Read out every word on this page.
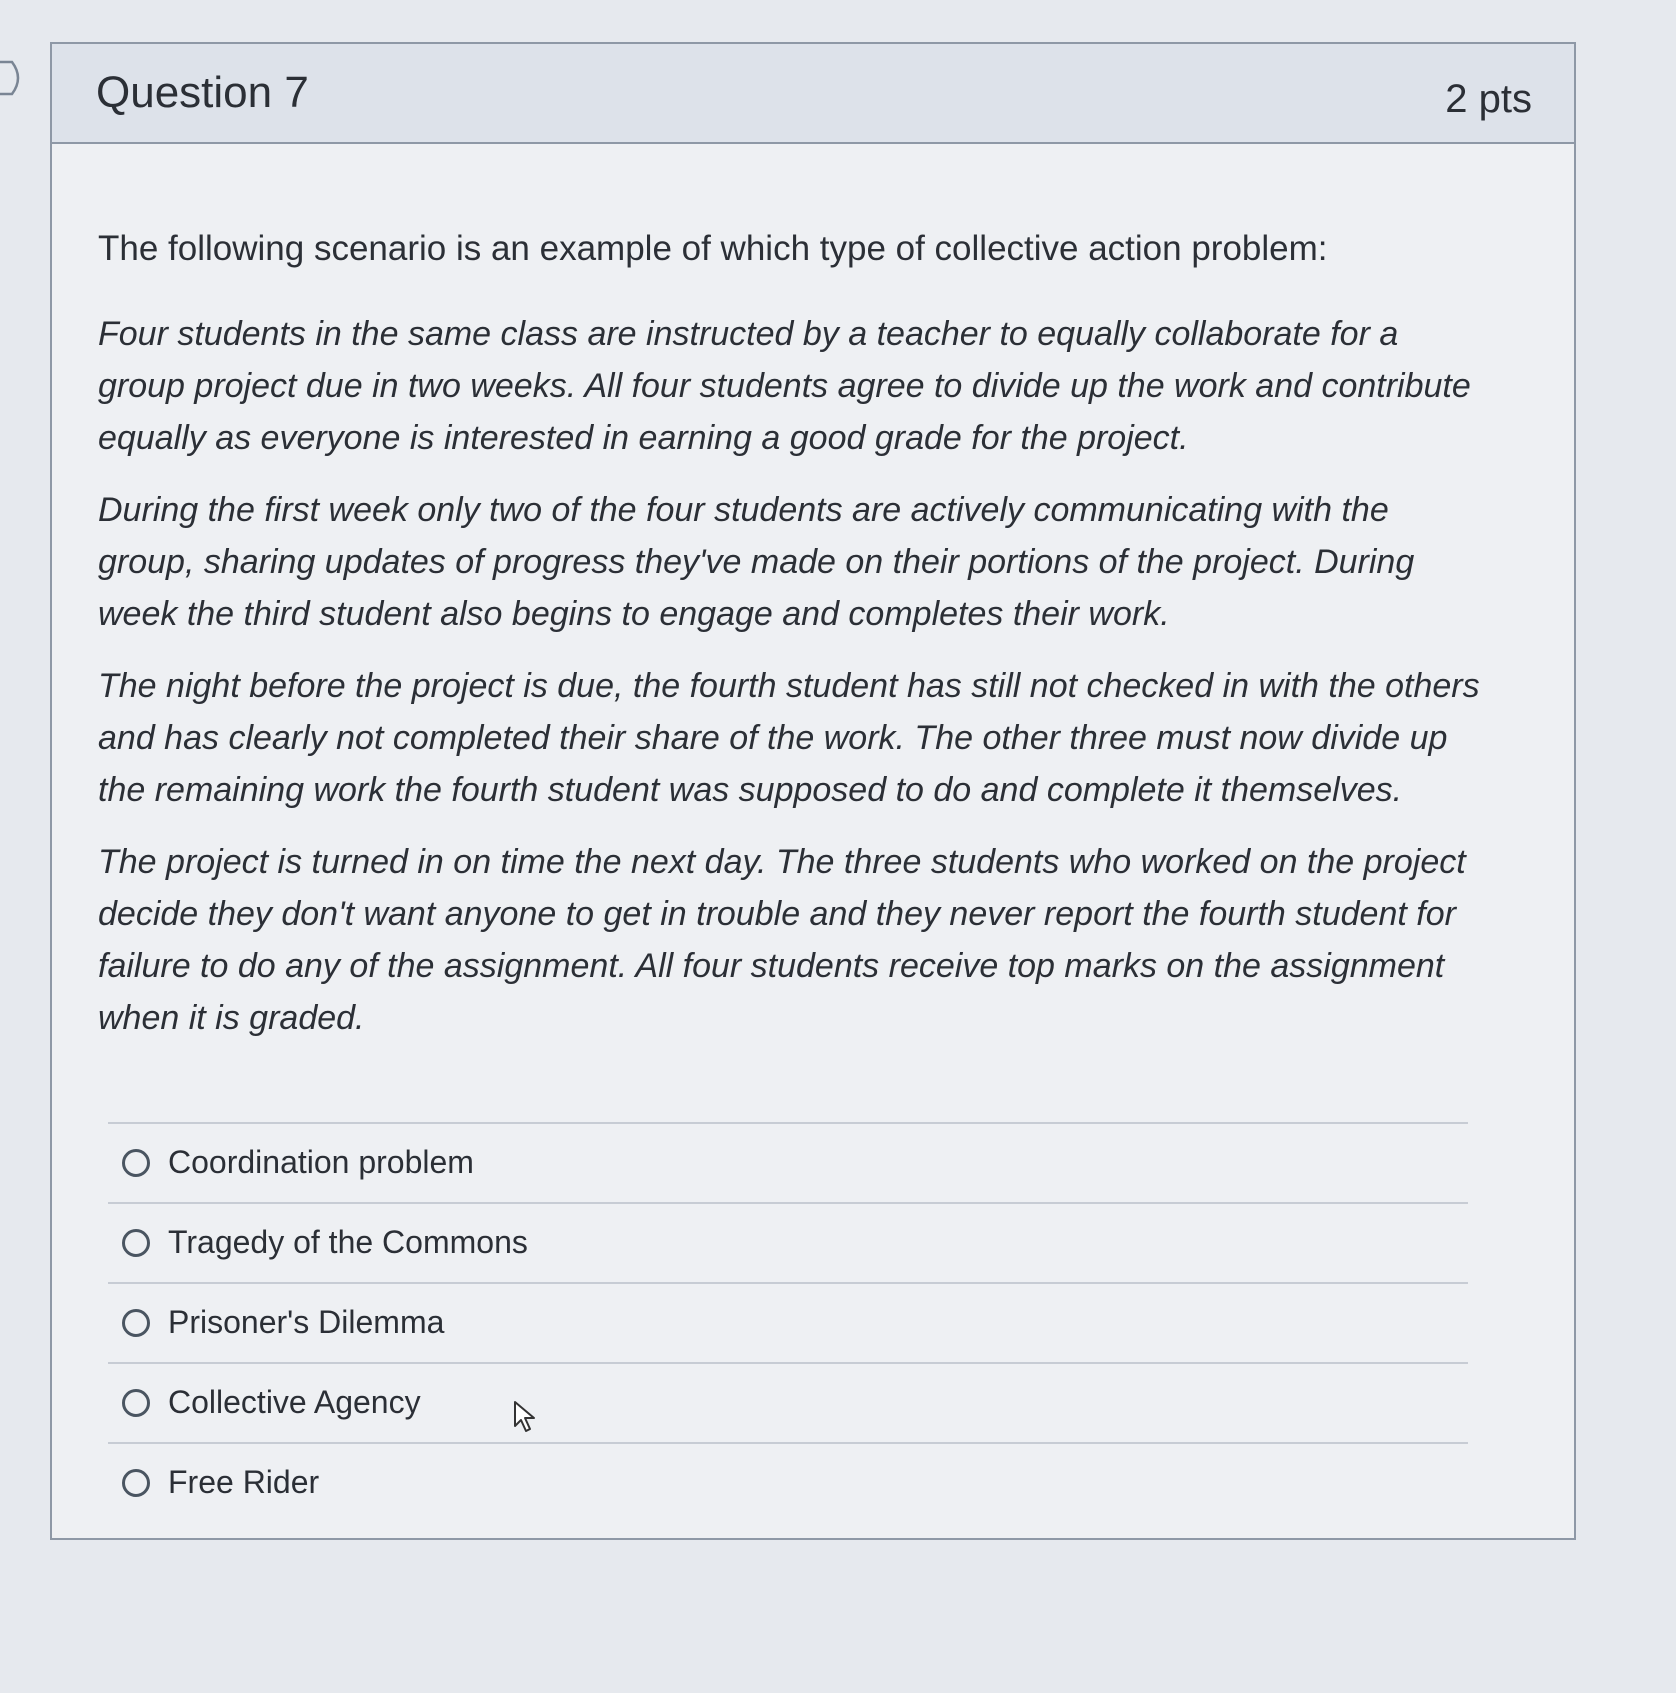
Question 7	2 pts
The following scenario is an example of which type of collective action problem:

Four students in the same class are instructed by a teacher to equally collaborate for a group project due in two weeks. All four students agree to divide up the work and contribute equally as everyone is interested in earning a good grade for the project.

During the first week only two of the four students are actively communicating with the group, sharing updates of progress they've made on their portions of the project. During week the third student also begins to engage and completes their work.

The night before the project is due, the fourth student has still not checked in with the others and has clearly not completed their share of the work. The other three must now divide up the remaining work the fourth student was supposed to do and complete it themselves.

The project is turned in on time the next day. The three students who worked on the project decide they don't want anyone to get in trouble and they never report the fourth student for failure to do any of the assignment. All four students receive top marks on the assignment when it is graded.

Coordination problem
Tragedy of the Commons
Prisoner's Dilemma
Collective Agency
Free Rider
